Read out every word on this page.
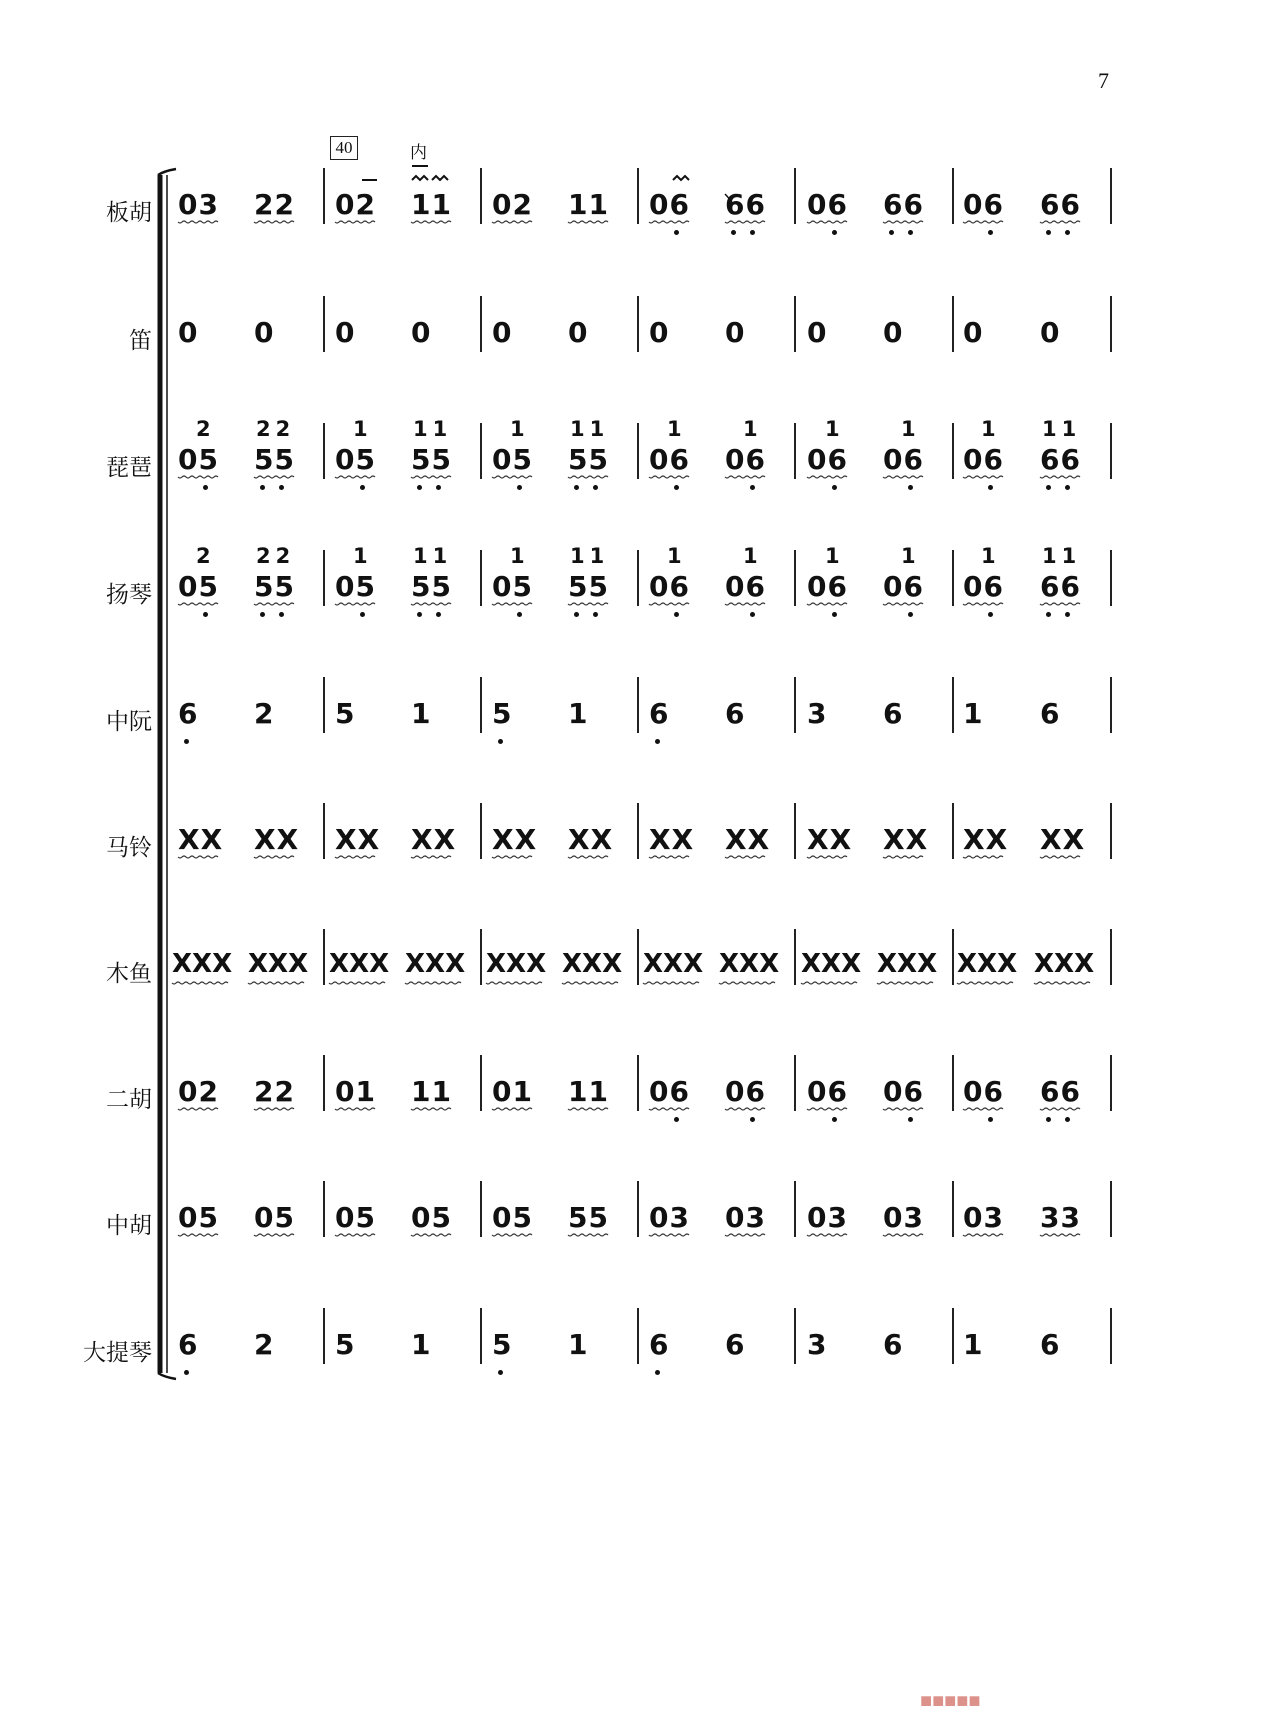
7
40	内
板胡 03 22 02 11 02 11 06 66 06 66 06 66
笛 0 0 0 0 0 0 0 0 0 0 0 0
琵琶 05
2
55
22
05
1
55
11
05
1
55
11
06
1
06
1
06
1
06
1
06
1
66
11
扬琴 05
2
55
22
05
1
55
11
05
1
55
11
06
1
06
1
06
1
06
1
06
1
66
11
中阮 6 2 5 1 5 1 6 6 3 6 1 6
马铃 XX XX XX XX XX XX XX XX XX XX XX XX
木鱼 XXX XXX XXX XXX XXX XXX XXX XXX XXX XXX XXX XXX
二胡 02 22 01 11 01 11 06 06 06 06 06 66
中胡 05 05 05 05 05 55 03 03 03 03 03 33
大提琴 6 2 5 1 5 1 6 6 3 6 1 6
■■■■■
